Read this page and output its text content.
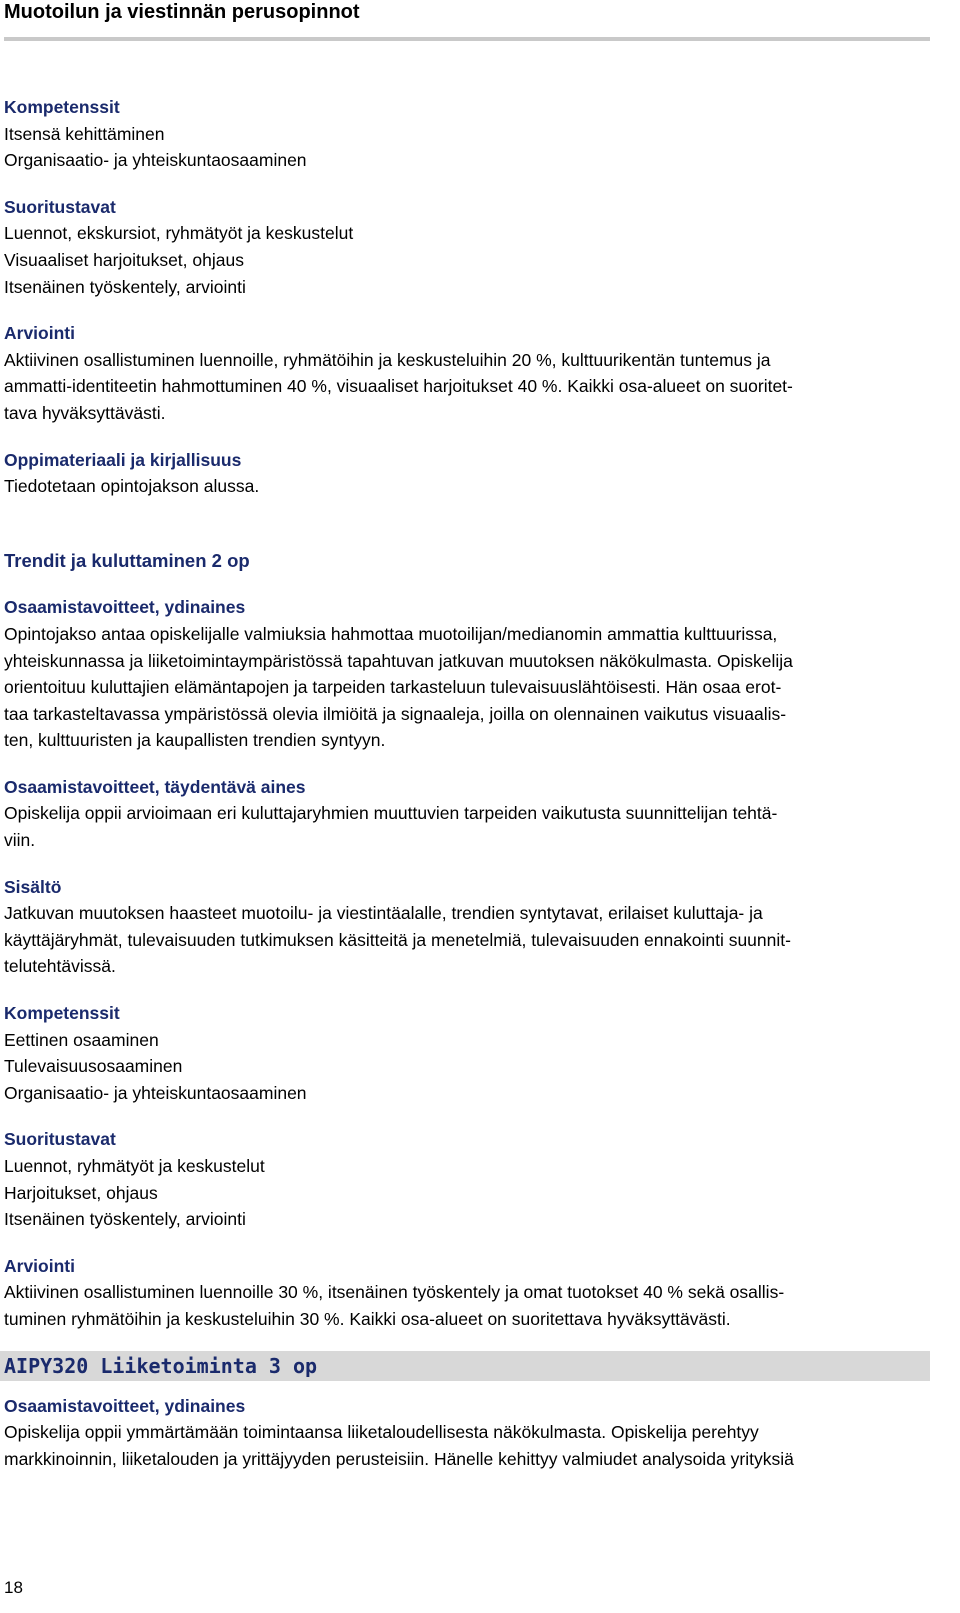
Muotoilun ja viestinnän perusopinnot
Kompetenssit
Itsensä kehittäminen
Organisaatio- ja yhteiskuntaosaaminen
Suoritustavat
Luennot, ekskursiot, ryhmätyöt ja keskustelut
Visuaaliset harjoitukset, ohjaus
Itsenäinen työskentely, arviointi
Arviointi
Aktiivinen osallistuminen luennoille, ryhmätöihin ja keskusteluihin 20 %, kulttuurikentän tuntemus ja
ammatti-identiteetin hahmottuminen 40 %, visuaaliset harjoitukset 40 %. Kaikki osa-alueet on suoritet-
tava hyväksyttävästi.
Oppimateriaali ja kirjallisuus
Tiedotetaan opintojakson alussa.
Trendit ja kuluttaminen 2 op
Osaamistavoitteet, ydinaines
Opintojakso antaa opiskelijalle valmiuksia hahmottaa muotoilijan/medianomin ammattia kulttuurissa,
yhteiskunnassa ja liiketoimintaympäristössä tapahtuvan jatkuvan muutoksen näkökulmasta. Opiskelija
orientoituu kuluttajien elämäntapojen ja tarpeiden tarkasteluun tulevaisuuslähtöisesti. Hän osaa erot-
taa tarkasteltavassa ympäristössä olevia ilmiöitä ja signaaleja, joilla on olennainen vaikutus visuaalis-
ten, kulttuuristen ja kaupallisten trendien syntyyn.
Osaamistavoitteet, täydentävä aines
Opiskelija oppii arvioimaan eri kuluttajaryhmien muuttuvien tarpeiden vaikutusta suunnittelijan tehtä-
viin.
Sisältö
Jatkuvan muutoksen haasteet muotoilu- ja viestintäalalle, trendien syntytavat, erilaiset kuluttaja- ja
käyttäjäryhmät, tulevaisuuden tutkimuksen käsitteitä ja menetelmiä, tulevaisuuden ennakointi suunnit-
telutehtävissä.
Kompetenssit
Eettinen osaaminen
Tulevaisuusosaaminen
Organisaatio- ja yhteiskuntaosaaminen
Suoritustavat
Luennot, ryhmätyöt ja keskustelut
Harjoitukset, ohjaus
Itsenäinen työskentely, arviointi
Arviointi
Aktiivinen osallistuminen luennoille 30 %, itsenäinen työskentely ja omat tuotokset 40 % sekä osallis-
tuminen ryhmätöihin ja keskusteluihin 30 %. Kaikki osa-alueet on suoritettava hyväksyttävästi.
AIPY320 Liiketoiminta 3 op
Osaamistavoitteet, ydinaines
Opiskelija oppii ymmärtämään toimintaansa liiketaloudellisesta näkökulmasta. Opiskelija perehtyy
markkinoinnin, liiketalouden ja yrittäjyyden perusteisiin. Hänelle kehittyy valmiudet analysoida yrityksiä
18
